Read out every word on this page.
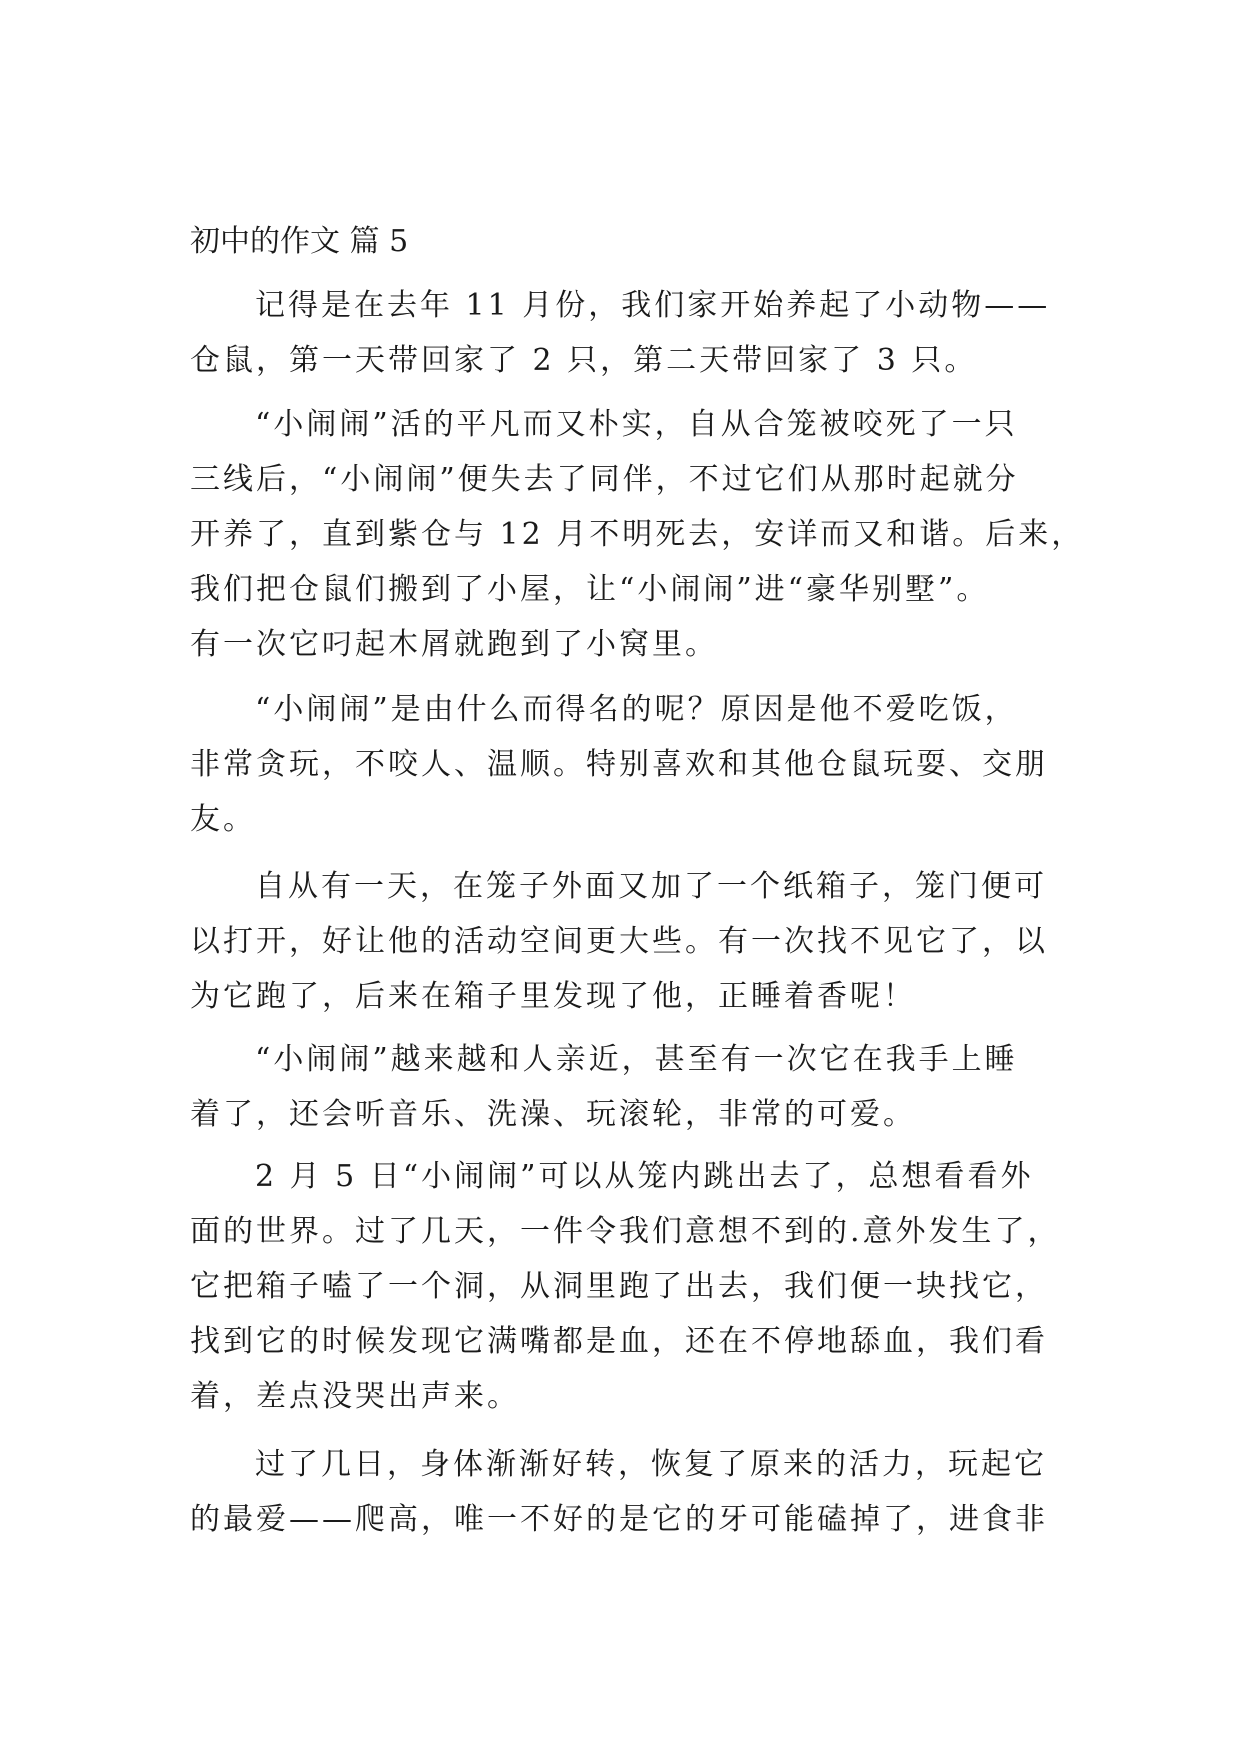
初中的作文 篇 5
记得是在去年 11 月份，我们家开始养起了小动物——
仓鼠，第一天带回家了 2 只，第二天带回家了 3 只。
“小闹闹”活的平凡而又朴实，自从合笼被咬死了一只
三线后，“小闹闹”便失去了同伴，不过它们从那时起就分
开养了，直到紫仓与 12 月不明死去，安详而又和谐。后来，
我们把仓鼠们搬到了小屋，让“小闹闹”进“豪华别墅”。
有一次它叼起木屑就跑到了小窝里。
“小闹闹”是由什么而得名的呢？原因是他不爱吃饭，
非常贪玩，不咬人、温顺。特别喜欢和其他仓鼠玩耍、交朋
友。
自从有一天，在笼子外面又加了一个纸箱子，笼门便可
以打开，好让他的活动空间更大些。有一次找不见它了，以
为它跑了，后来在箱子里发现了他，正睡着香呢！
“小闹闹”越来越和人亲近，甚至有一次它在我手上睡
着了，还会听音乐、洗澡、玩滚轮，非常的可爱。
2 月 5 日“小闹闹”可以从笼内跳出去了，总想看看外
面的世界。过了几天，一件令我们意想不到的.意外发生了，
它把箱子嗑了一个洞，从洞里跑了出去，我们便一块找它，
找到它的时候发现它满嘴都是血，还在不停地舔血，我们看
着，差点没哭出声来。
过了几日，身体渐渐好转，恢复了原来的活力，玩起它
的最爱——爬高，唯一不好的是它的牙可能磕掉了，进食非
